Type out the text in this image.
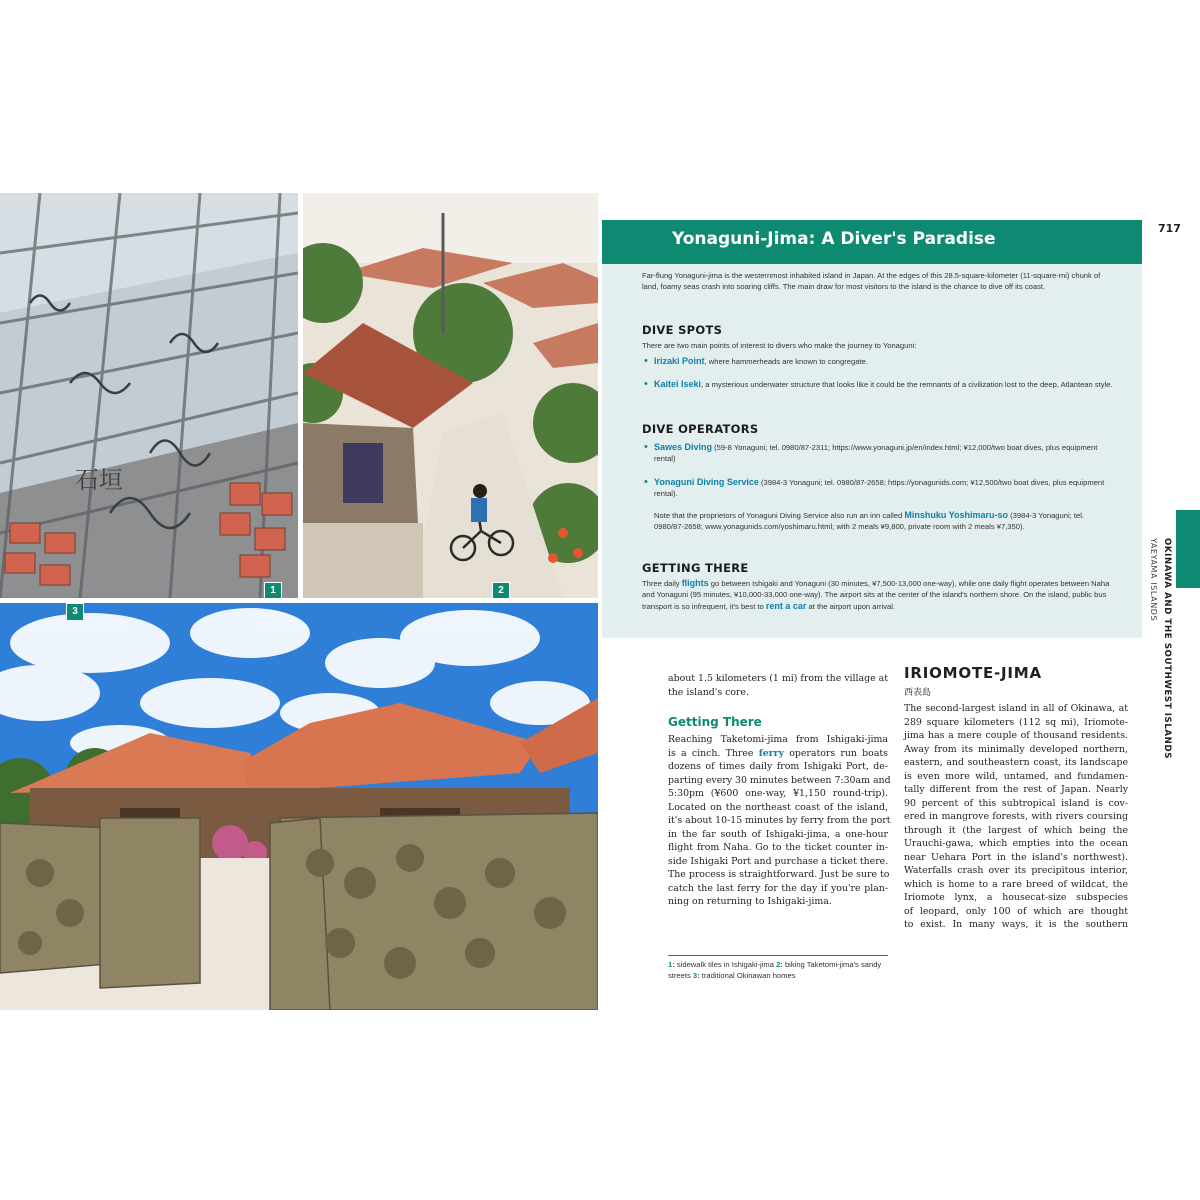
石垣
1	2
3
Yonaguni-Jima: A Diver's Paradise
Far-flung Yonaguni-jima is the westernmost inhabited island in Japan. At the edges of this 28.5-square-kilometer (11-square-mi) chunk of land, foamy seas crash into soaring cliffs. The main draw for most visitors to the island is the chance to dive off its coast.
DIVE SPOTS
There are two main points of interest to divers who make the journey to Yonaguni:
• Irizaki Point, where hammerheads are known to congregate.
• Kaitei Iseki, a mysterious underwater structure that looks like it could be the remnants of a civilization lost to the deep, Atlantean style.
DIVE OPERATORS
• Sawes Diving (59-8 Yonaguni; tel. 0980/87-2311; https://www.yonaguni.jp/en/index.html; ¥12,000/two boat dives, plus equipment rental)
• Yonaguni Diving Service (3984-3 Yonaguni; tel. 0980/87-2658; https://yonagunids.com; ¥12,500/two boat dives, plus equipment rental).
Note that the proprietors of Yonaguni Diving Service also run an inn called Minshuku Yoshimaru-so (3984-3 Yonaguni; tel. 0980/87-2658; www.yonagunids.com/yoshimaru.html; with 2 meals ¥9,800, private room with 2 meals ¥7,350).
GETTING THERE
Three daily flights go between Ishigaki and Yonaguni (30 minutes, ¥7,500-13,000 one-way), while one daily flight operates between Naha and Yonaguni (95 minutes, ¥10,000-33,000 one-way). The airport sits at the center of the island's northern shore. On the island, public bus transport is so infrequent, it's best to rent a car at the airport upon arrival.
717
OKINAWA AND THE SOUTHWEST ISLANDS
YAEYAMA ISLANDS
about 1.5 kilometers (1 mi) from the village at
the island's core.
Getting There
Reaching Taketomi-jima from Ishigaki-jima
is a cinch. Three ferry operators run boats
dozens of times daily from Ishigaki Port, de-
parting every 30 minutes between 7:30am and
5:30pm (¥600 one-way, ¥1,150 round-trip).
Located on the northeast coast of the island,
it's about 10-15 minutes by ferry from the port
in the far south of Ishigaki-jima, a one-hour
flight from Naha. Go to the ticket counter in-
side Ishigaki Port and purchase a ticket there.
The process is straightforward. Just be sure to
catch the last ferry for the day if you're plan-
ning on returning to Ishigaki-jima.
1: sidewalk tiles in Ishigaki-jima 2: biking Taketomi-jima's sandy streets 3: traditional Okinawan homes
IRIOMOTE-JIMA
西表島
The second-largest island in all of Okinawa, at
289 square kilometers (112 sq mi), Iriomote-
jima has a mere couple of thousand residents.
Away from its minimally developed northern,
eastern, and southeastern coast, its landscape
is even more wild, untamed, and fundamen-
tally different from the rest of Japan. Nearly
90 percent of this subtropical island is cov-
ered in mangrove forests, with rivers coursing
through it (the largest of which being the
Urauchi-gawa, which empties into the ocean
near Uehara Port in the island's northwest).
Waterfalls crash over its precipitous interior,
which is home to a rare breed of wildcat, the
Iriomote lynx, a housecat-size subspecies
of leopard, only 100 of which are thought
to exist. In many ways, it is the southern
